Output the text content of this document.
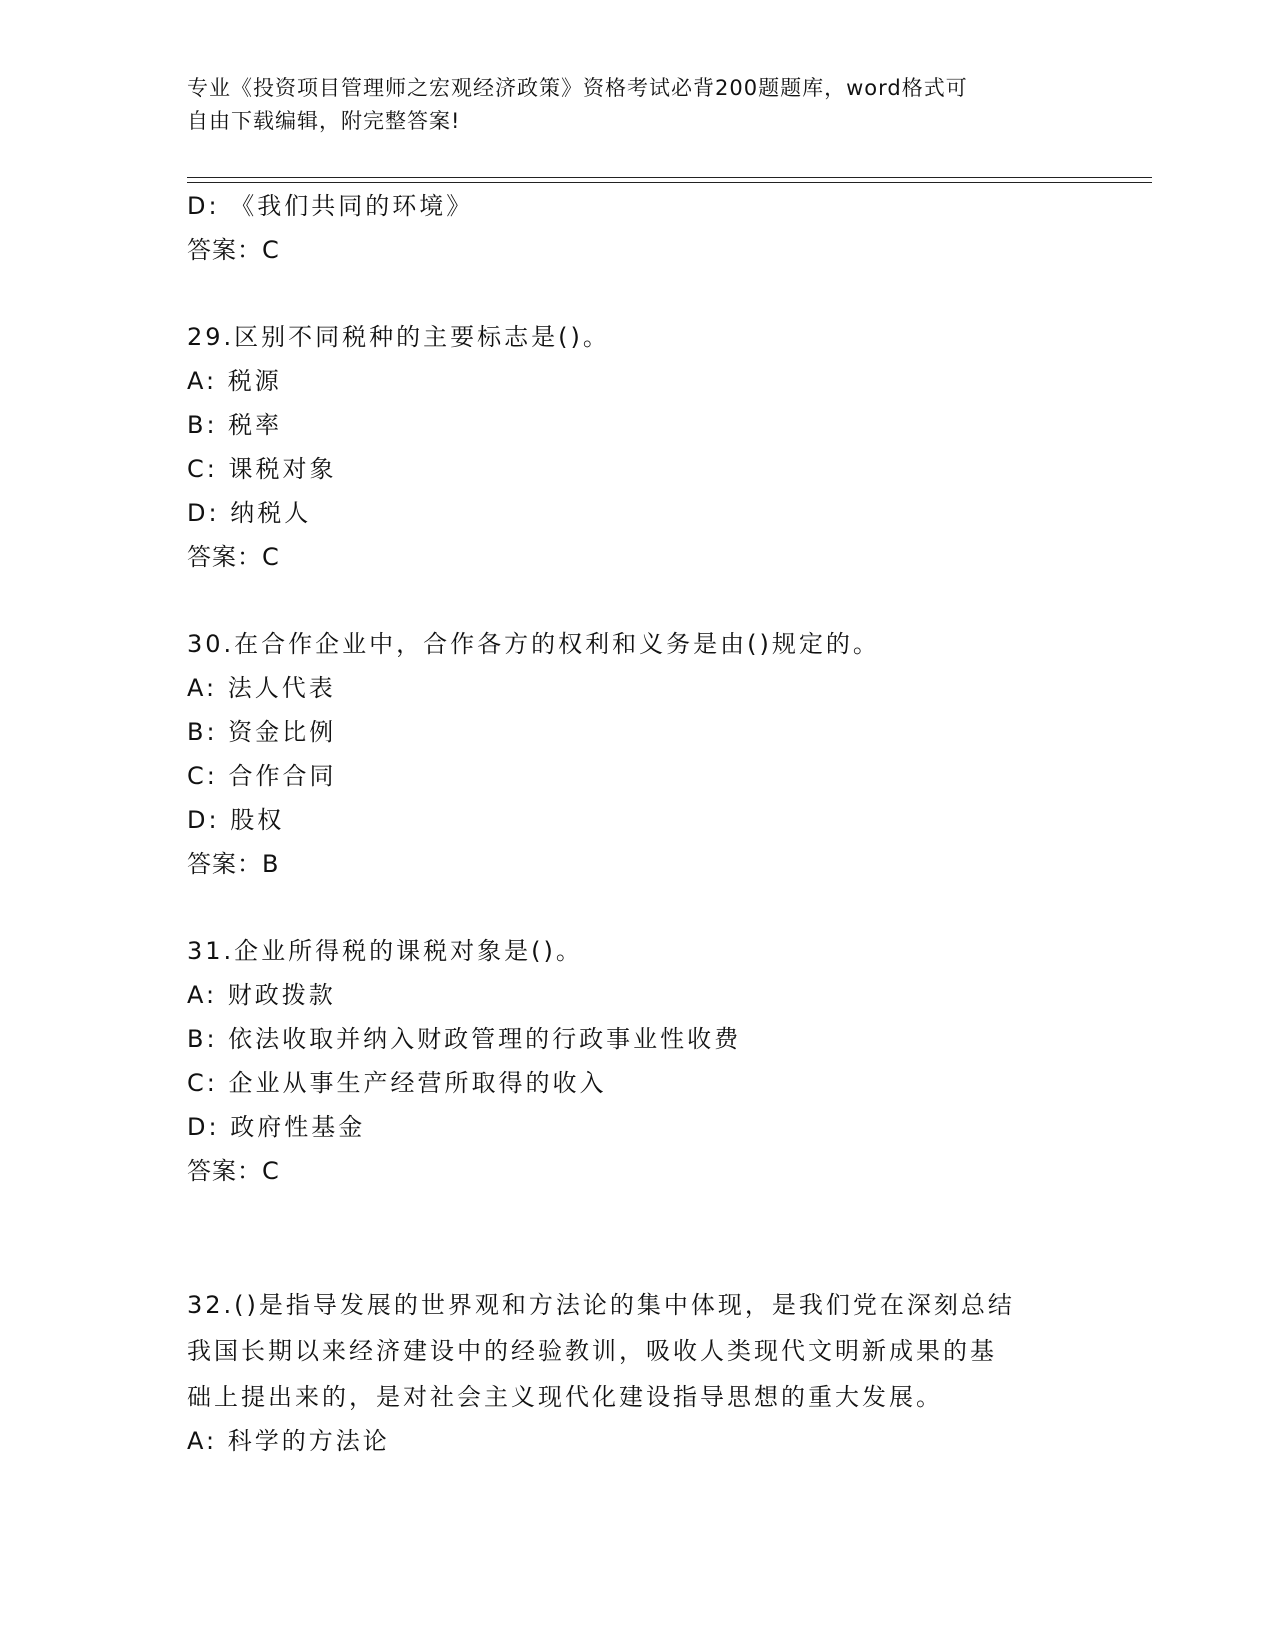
专业《投资项目管理师之宏观经济政策》资格考试必背200题题库，word格式可
自由下载编辑，附完整答案!
D: 《我们共同的环境》
答案：C
29.区别不同税种的主要标志是()。
A: 税源
B: 税率
C: 课税对象
D: 纳税人
答案：C
30.在合作企业中，合作各方的权利和义务是由()规定的。
A: 法人代表
B: 资金比例
C: 合作合同
D: 股权
答案：B
31.企业所得税的课税对象是()。
A: 财政拨款
B: 依法收取并纳入财政管理的行政事业性收费
C: 企业从事生产经营所取得的收入
D: 政府性基金
答案：C
32.()是指导发展的世界观和方法论的集中体现，是我们党在深刻总结
我国长期以来经济建设中的经验教训，吸收人类现代文明新成果的基
础上提出来的，是对社会主义现代化建设指导思想的重大发展。
A: 科学的方法论
